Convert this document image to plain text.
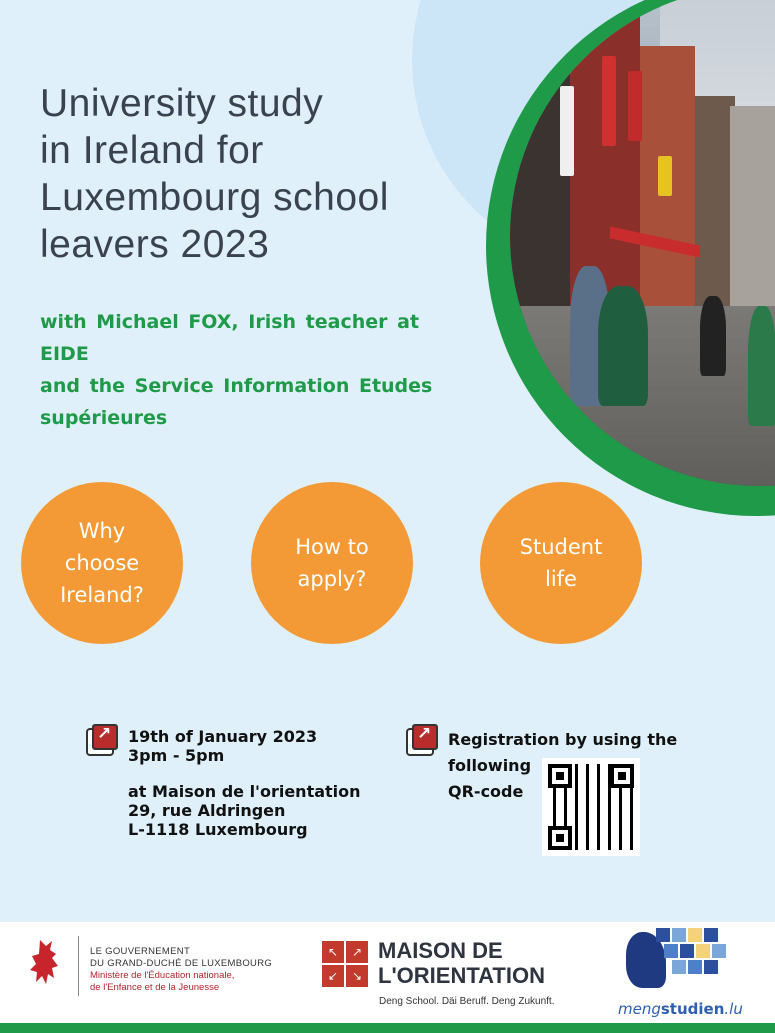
University study
in Ireland for
Luxembourg school
leavers 2023
with Michael FOX, Irish teacher at
EIDE
and the Service Information Etudes
supérieures
Why
choose
Ireland?
How to
apply?
Student
life
↗
19th of January 2023
3pm - 5pm
at Maison de l'orientation
29, rue Aldringen
L-1118 Luxembourg
↗
Registration by using the following
QR-code
LE GOUVERNEMENT
DU GRAND-DUCHÉ DE LUXEMBOURG
Ministère de l'Éducation nationale,
de l'Enfance et de la Jeunesse
↖	↗
↙	↘
MAISON DE
L'ORIENTATION
Deng School. Däi Beruff. Deng Zukunft.	mengstudien.lu
